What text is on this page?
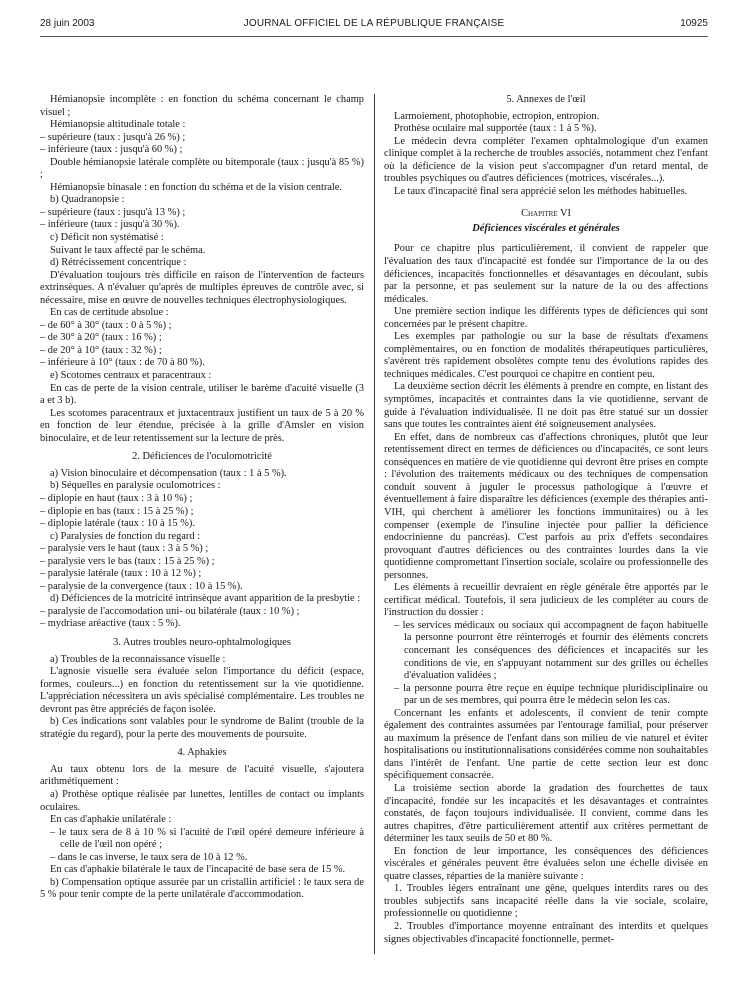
28 juin 2003	JOURNAL OFFICIEL DE LA RÉPUBLIQUE FRANÇAISE	10925

Hémianopsie incomplète : en fonction du schéma concernant le champ visuel ;

Hémianopsie altitudinale totale :

– supérieure (taux : jusqu'à 26 %) ;

– inférieure (taux : jusqu'à 60 %) ;

Double hémianopsie latérale complète ou bitemporale (taux : jusqu'à 85 %) ;

Hémianopsie binasale : en fonction du schéma et de la vision centrale.

b) Quadranopsie :

– supérieure (taux : jusqu'à 13 %) ;

– inférieure (taux : jusqu'à 30 %).

c) Déficit non systématisé :

Suivant le taux affecté par le schéma.

d) Rétrécissement concentrique :

D'évaluation toujours très difficile en raison de l'intervention de facteurs extrinsèques. A n'évaluer qu'après de multiples épreuves de contrôle avec, si nécessaire, mise en œuvre de nouvelles techniques électrophysiologiques.

En cas de certitude absolue :

– de 60° à 30° (taux : 0 à 5 %) ;

– de 30° à 20° (taux : 16 %) ;

– de 20° à 10° (taux : 32 %) ;

– inférieure à 10° (taux : de 70 à 80 %).

e) Scotomes centraux et paracentraux :

En cas de perte de la vision centrale, utiliser le barème d'acuité visuelle (3 a et 3 b).

Les scotomes paracentraux et juxtacentraux justifient un taux de 5 à 20 % en fonction de leur étendue, précisée à la grille d'Amsler en vision binoculaire, et de leur retentissement sur la lecture de près.

2. Déficiences de l'oculomotricité

a) Vision binoculaire et décompensation (taux : 1 à 5 %).

b) Séquelles en paralysie oculomotrices :

– diplopie en haut (taux : 3 à 10 %) ;

– diplopie en bas (taux : 15 à 25 %) ;

– diplopie latérale (taux : 10 à 15 %).

c) Paralysies de fonction du regard :

– paralysie vers le haut (taux : 3 à 5 %) ;

– paralysie vers le bas (taux : 15 à 25 %) ;

– paralysie latérale (taux : 10 à 12 %) ;

– paralysie de la convergence (taux : 10 à 15 %).

d) Déficiences de la motricité intrinsèque avant apparition de la presbytie :

– paralysie de l'accomodation uni- ou bilatérale (taux : 10 %) ;

– mydriase aréactive (taux : 5 %).

3. Autres troubles neuro-ophtalmologiques

a) Troubles de la reconnaissance visuelle :

L'agnosie visuelle sera évaluée selon l'importance du déficit (espace, formes, couleurs...) en fonction du retentissement sur la vie quotidienne. L'appréciation nécessitera un avis spécialisé complémentaire. Les troubles ne devront pas être appréciés de façon isolée.

b) Ces indications sont valables pour le syndrome de Balint (trouble de la stratégie du regard), pour la perte des mouvements de poursuite.

4. Aphakies

Au taux obtenu lors de la mesure de l'acuité visuelle, s'ajoutera arithmétiquement :

a) Prothèse optique réalisée par lunettes, lentilles de contact ou implants oculaires.

En cas d'aphakie unilatérale :

– le taux sera de 8 à 10 % si l'acuité de l'œil opéré demeure inférieure à celle de l'œil non opéré ;

– dans le cas inverse, le taux sera de 10 à 12 %.

En cas d'aphakie bilatérale le taux de l'incapacité de base sera de 15 %.

b) Compensation optique assurée par un cristallin artificiel : le taux sera de 5 % pour tenir compte de la perte unilatérale d'accommodation.

5. Annexes de l'œil

Larmoiement, photophobie, ectropion, entropion.

Prothèse oculaire mal supportée (taux : 1 à 5 %).

Le médecin devra compléter l'examen ophtalmologique d'un examen clinique complet à la recherche de troubles associés, notamment chez l'enfant où la déficience de la vision peut s'accompagner d'un retard mental, de troubles psychiques ou d'autres déficiences (motrices, viscérales...).

Le taux d'incapacité final sera apprécié selon les méthodes habituelles.

Chapitre VI

Déficiences viscérales et générales

Pour ce chapitre plus particulièrement, il convient de rappeler que l'évaluation des taux d'incapacité est fondée sur l'importance de la ou des déficiences, incapacités fonctionnelles et désavantages en découlant, subis par la personne, et pas seulement sur la nature de la ou des affections médicales.

Une première section indique les différents types de déficiences qui sont concernées par le présent chapitre.

Les exemples par pathologie ou sur la base de résultats d'examens complémentaires, ou en fonction de modalités thérapeutiques particulières, s'avèrent très rapidement obsolètes compte tenu des évolutions rapides des techniques médicales. C'est pourquoi ce chapitre en contient peu.

La deuxième section décrit les éléments à prendre en compte, en listant des symptômes, incapacités et contraintes dans la vie quotidienne, servant de guide à l'évaluation individualisée. Il ne doit pas être statué sur un dossier sans que toutes les contraintes aient été soigneusement analysées.

En effet, dans de nombreux cas d'affections chroniques, plutôt que leur retentissement direct en termes de déficiences ou d'incapacités, ce sont leurs conséquences en matière de vie quotidienne qui devront être prises en compte : l'évolution des traitements médicaux ou des techniques de compensation conduit souvent à juguler le processus pathologique à l'œuvre et éventuellement à faire disparaître les déficiences (exemple des thérapies anti-VIH, qui cherchent à améliorer les fonctions immunitaires) ou à les compenser (exemple de l'insuline injectée pour pallier la déficience endocrinienne du pancréas). C'est parfois au prix d'effets secondaires provoquant d'autres déficiences ou des contraintes lourdes dans la vie quotidienne compromettant l'insertion sociale, scolaire ou professionnelle des personnes.

Les éléments à recueillir devraient en règle générale être apportés par le certificat médical. Toutefois, il sera judicieux de les compléter au cours de l'instruction du dossier :

– les services médicaux ou sociaux qui accompagnent de façon habituelle la personne pourront être réinterrogés et fournir des éléments concrets concernant les conséquences des déficiences et incapacités sur les conditions de vie, en s'appuyant notamment sur des grilles ou échelles d'évaluation validées ;

– la personne pourra être reçue en équipe technique pluridisciplinaire ou par un de ses membres, qui pourra être le médecin selon les cas.

Concernant les enfants et adolescents, il convient de tenir compte également des contraintes assumées par l'entourage familial, pour préserver au maximum la présence de l'enfant dans son milieu de vie naturel et éviter hospitalisations ou institutionnalisations considérées comme non souhaitables dans l'intérêt de l'enfant. Une partie de cette section leur est donc spécifiquement consacrée.

La troisième section aborde la gradation des fourchettes de taux d'incapacité, fondée sur les incapacités et les désavantages et contraintes constatés, de façon toujours individualisée. Il convient, comme dans les autres chapitres, d'être particulièrement attentif aux critères permettant de déterminer les taux seuils de 50 et 80 %.

En fonction de leur importance, les conséquences des déficiences viscérales et générales peuvent être évaluées selon une échelle divisée en quatre classes, réparties de la manière suivante :

1. Troubles légers entraînant une gêne, quelques interdits rares ou des troubles subjectifs sans incapacité réelle dans la vie sociale, scolaire, professionnelle ou quotidienne ;

2. Troubles d'importance moyenne entraînant des interdits et quelques signes objectivables d'incapacité fonctionnelle, permet-
